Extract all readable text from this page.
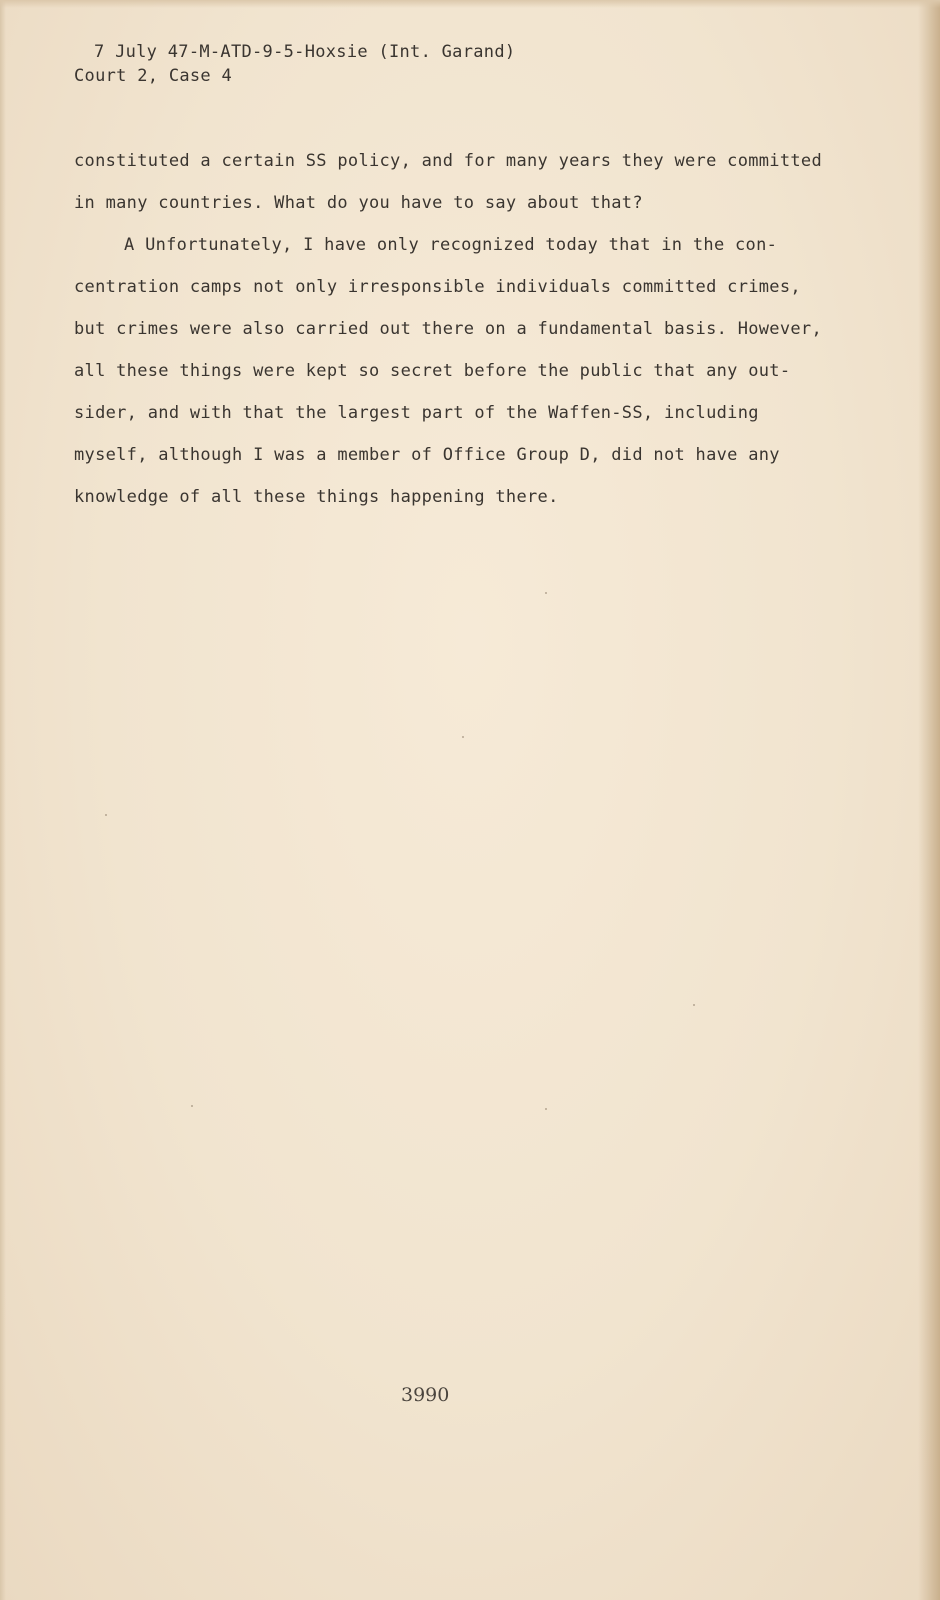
7 July 47-M-ATD-9-5-Hoxsie (Int. Garand)
Court 2, Case 4
constituted a certain SS policy, and for many years they were committed
in many countries. What do you have to say about that?
A Unfortunately, I have only recognized today that in the con-
centration camps not only irresponsible individuals committed crimes,
but crimes were also carried out there on a fundamental basis. However,
all these things were kept so secret before the public that any out-
sider, and with that the largest part of the Waffen-SS, including
myself, although I was a member of Office Group D, did not have any
knowledge of all these things happening there.
3990
